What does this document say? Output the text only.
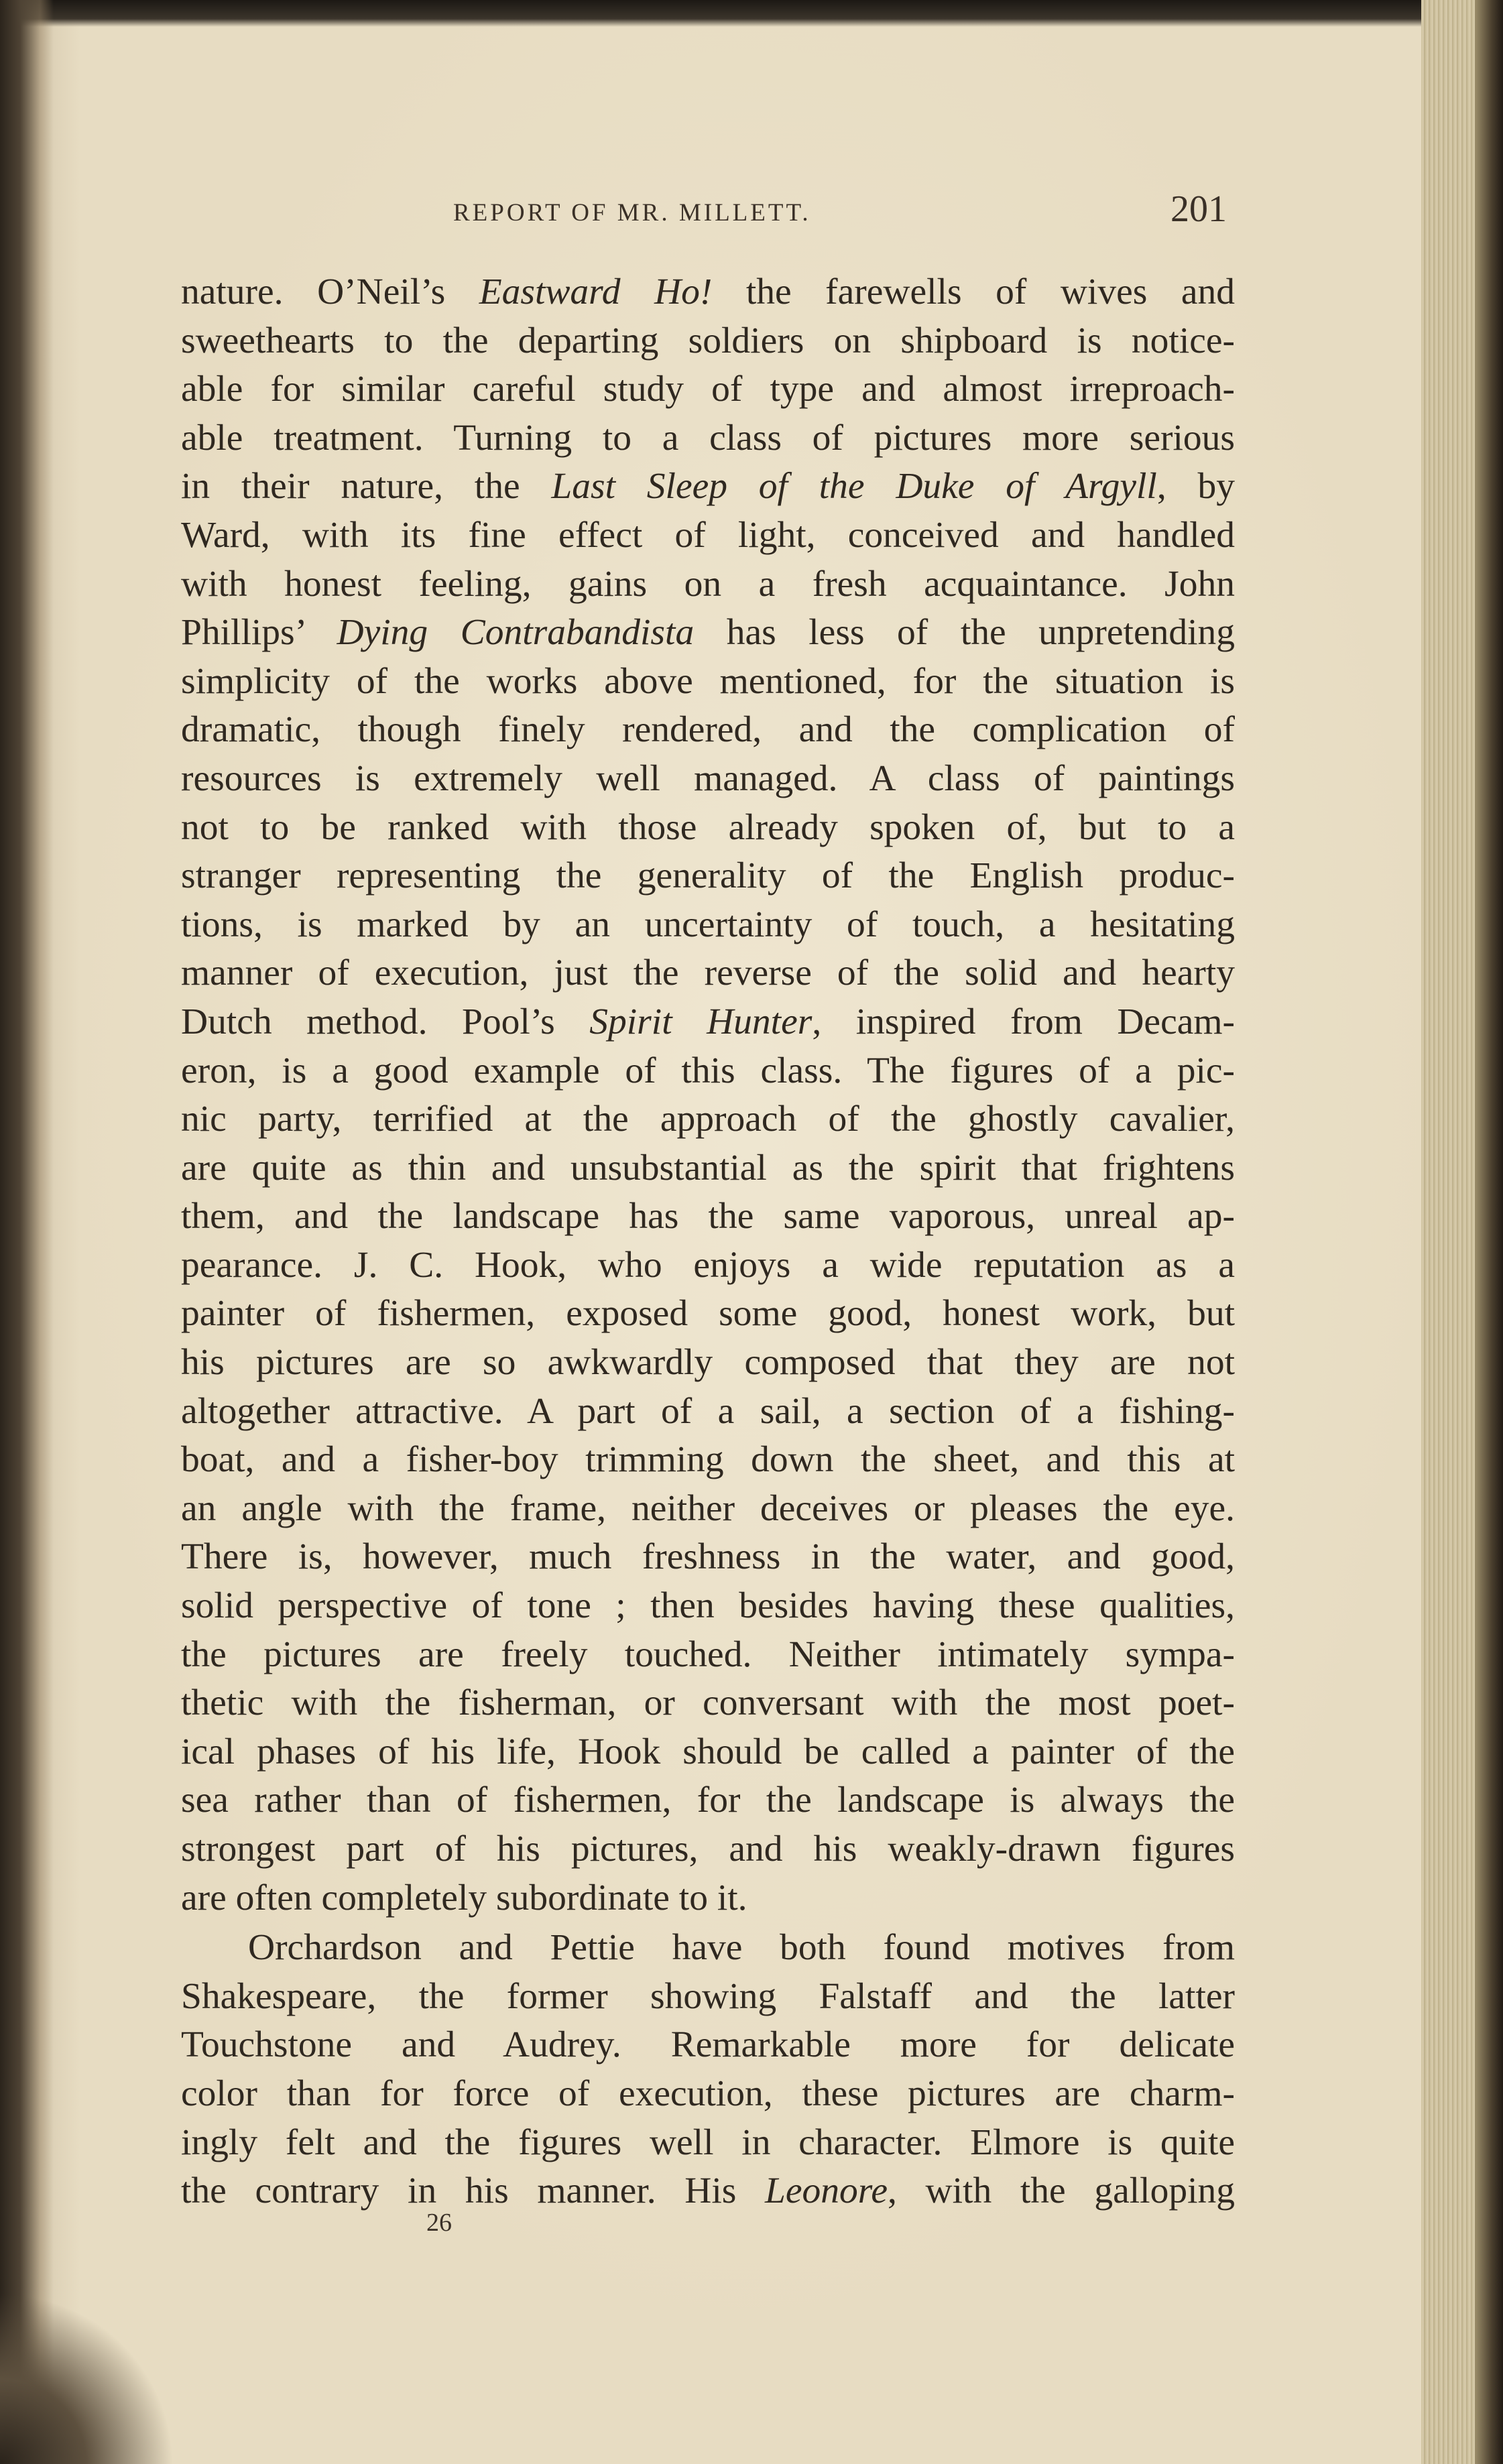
REPORT OF MR. MILLETT.	201
nature. O’Neil’s Eastward Ho! the farewells of wives and
sweethearts to the departing soldiers on shipboard is notice-
able for similar careful study of type and almost irreproach-
able treatment. Turning to a class of pictures more serious
in their nature, the Last Sleep of the Duke of Argyll, by
Ward, with its fine effect of light, conceived and handled
with honest feeling, gains on a fresh acquaintance. John
Phillips’ Dying Contrabandista has less of the unpretending
simplicity of the works above mentioned, for the situation is
dramatic, though finely rendered, and the complication of
resources is extremely well managed. A class of paintings
not to be ranked with those already spoken of, but to a
stranger representing the generality of the English produc-
tions, is marked by an uncertainty of touch, a hesitating
manner of execution, just the reverse of the solid and hearty
Dutch method. Pool’s Spirit Hunter, inspired from Decam-
eron, is a good example of this class. The figures of a pic-
nic party, terrified at the approach of the ghostly cavalier,
are quite as thin and unsubstantial as the spirit that frightens
them, and the landscape has the same vaporous, unreal ap-
pearance. J. C. Hook, who enjoys a wide reputation as a
painter of fishermen, exposed some good, honest work, but
his pictures are so awkwardly composed that they are not
altogether attractive. A part of a sail, a section of a fishing-
boat, and a fisher-boy trimming down the sheet, and this at
an angle with the frame, neither deceives or pleases the eye.
There is, however, much freshness in the water, and good,
solid perspective of tone ; then besides having these qualities,
the pictures are freely touched. Neither intimately sympa-
thetic with the fisherman, or conversant with the most poet-
ical phases of his life, Hook should be called a painter of the
sea rather than of fishermen, for the landscape is always the
strongest part of his pictures, and his weakly-drawn figures
are often completely subordinate to it.
Orchardson and Pettie have both found motives from
Shakespeare, the former showing Falstaff and the latter
Touchstone and Audrey. Remarkable more for delicate
color than for force of execution, these pictures are charm-
ingly felt and the figures well in character. Elmore is quite
the contrary in his manner. His Leonore, with the galloping
26
